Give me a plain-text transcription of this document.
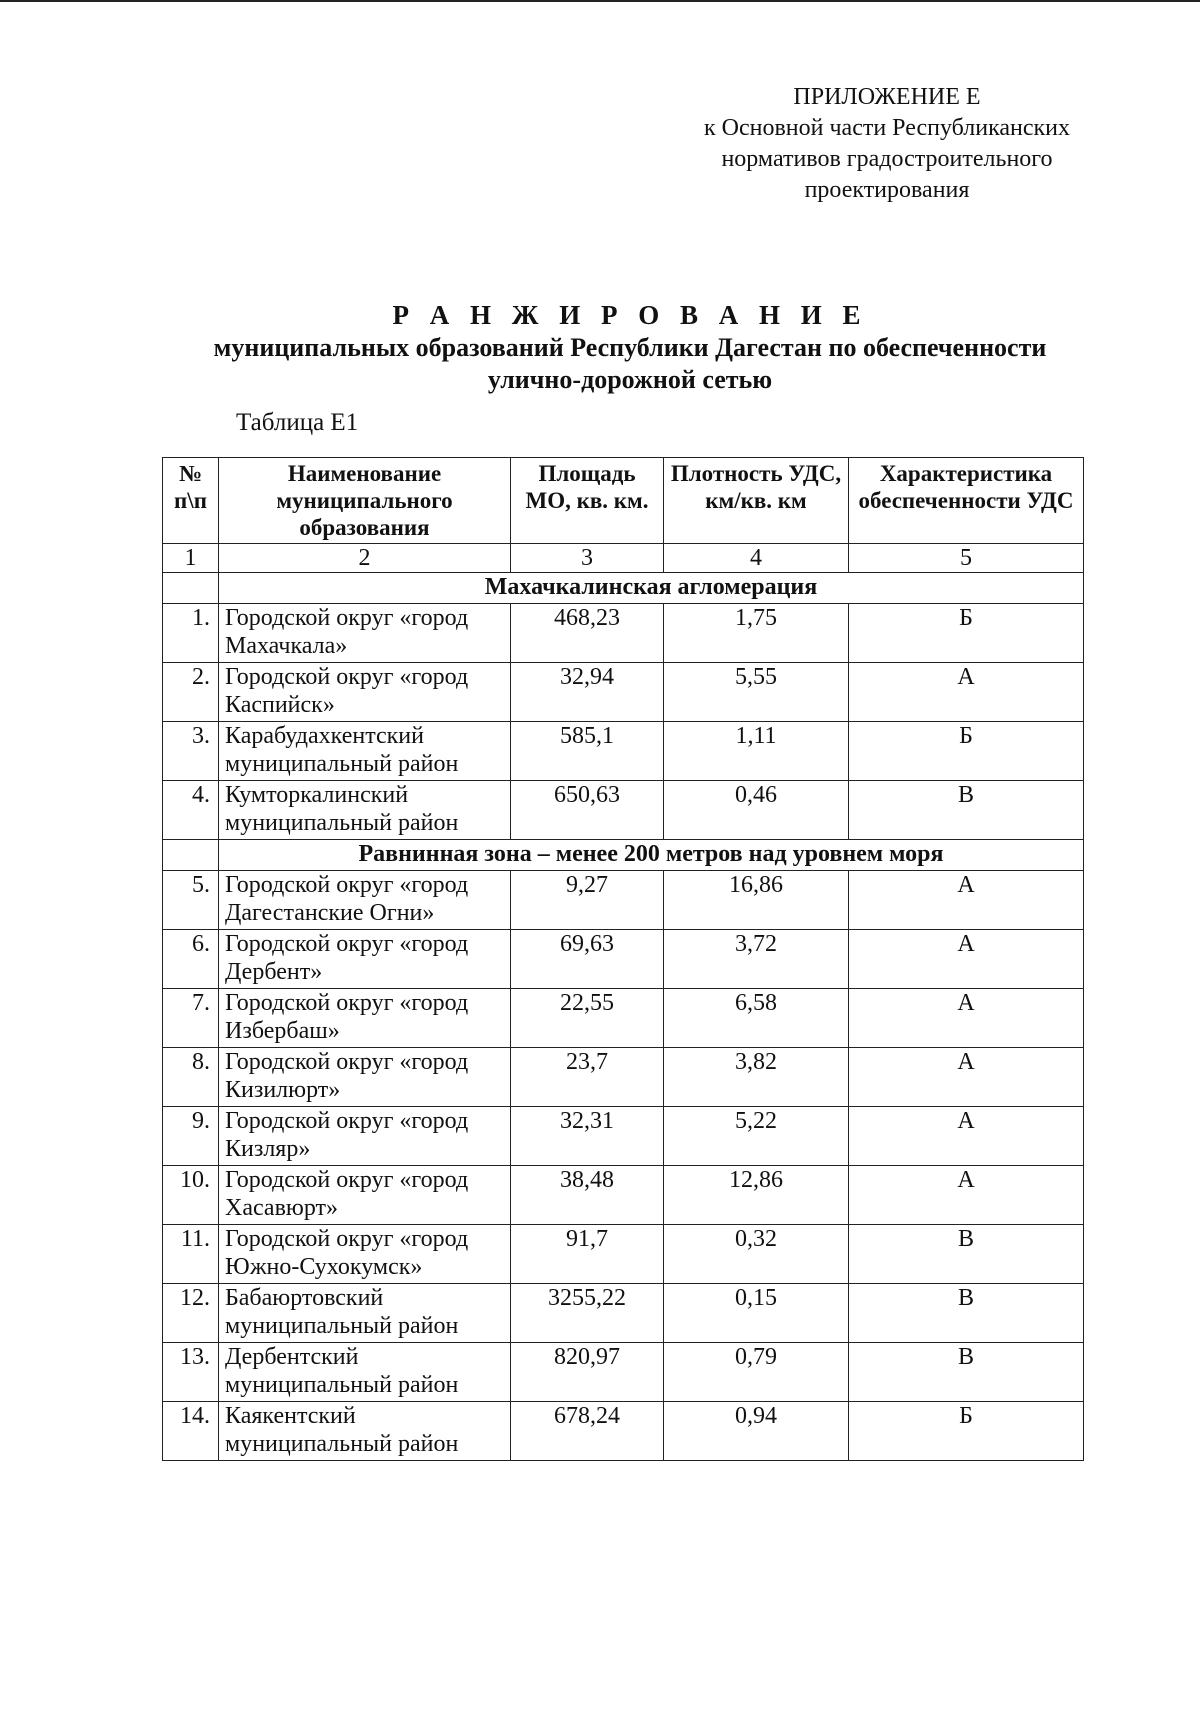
ПРИЛОЖЕНИЕ Е
к Основной части Республиканских
нормативов градостроительного
проектирования
Р А Н Ж И Р О В А Н И Е
муниципальных образований Республики Дагестан по обеспеченности
улично-дорожной сетью
Таблица Е1
№ п\п	Наименование муниципального образования	Площадь МО, кв. км.	Плотность УДС, км/кв. км	Характеристика обеспеченности УДС
1	2	3	4	5
	Махачкалинская агломерация			
1.	Городской округ «город Махачкала»	468,23	1,75	Б
2.	Городской округ «город Каспийск»	32,94	5,55	А
3.	Карабудахкентский муниципальный район	585,1	1,11	Б
4.	Кумторкалинский муниципальный район	650,63	0,46	В
	Равнинная зона – менее 200 метров над уровнем моря			
5.	Городской округ «город Дагестанские Огни»	9,27	16,86	А
6.	Городской округ «город Дербент»	69,63	3,72	А
7.	Городской округ «город Избербаш»	22,55	6,58	А
8.	Городской округ «город Кизилюрт»	23,7	3,82	А
9.	Городской округ «город Кизляр»	32,31	5,22	А
10.	Городской округ «город Хасавюрт»	38,48	12,86	А
11.	Городской округ «город Южно-Сухокумск»	91,7	0,32	В
12.	Бабаюртовский муниципальный район	3255,22	0,15	В
13.	Дербентский муниципальный район	820,97	0,79	В
14.	Каякентский муниципальный район	678,24	0,94	Б
